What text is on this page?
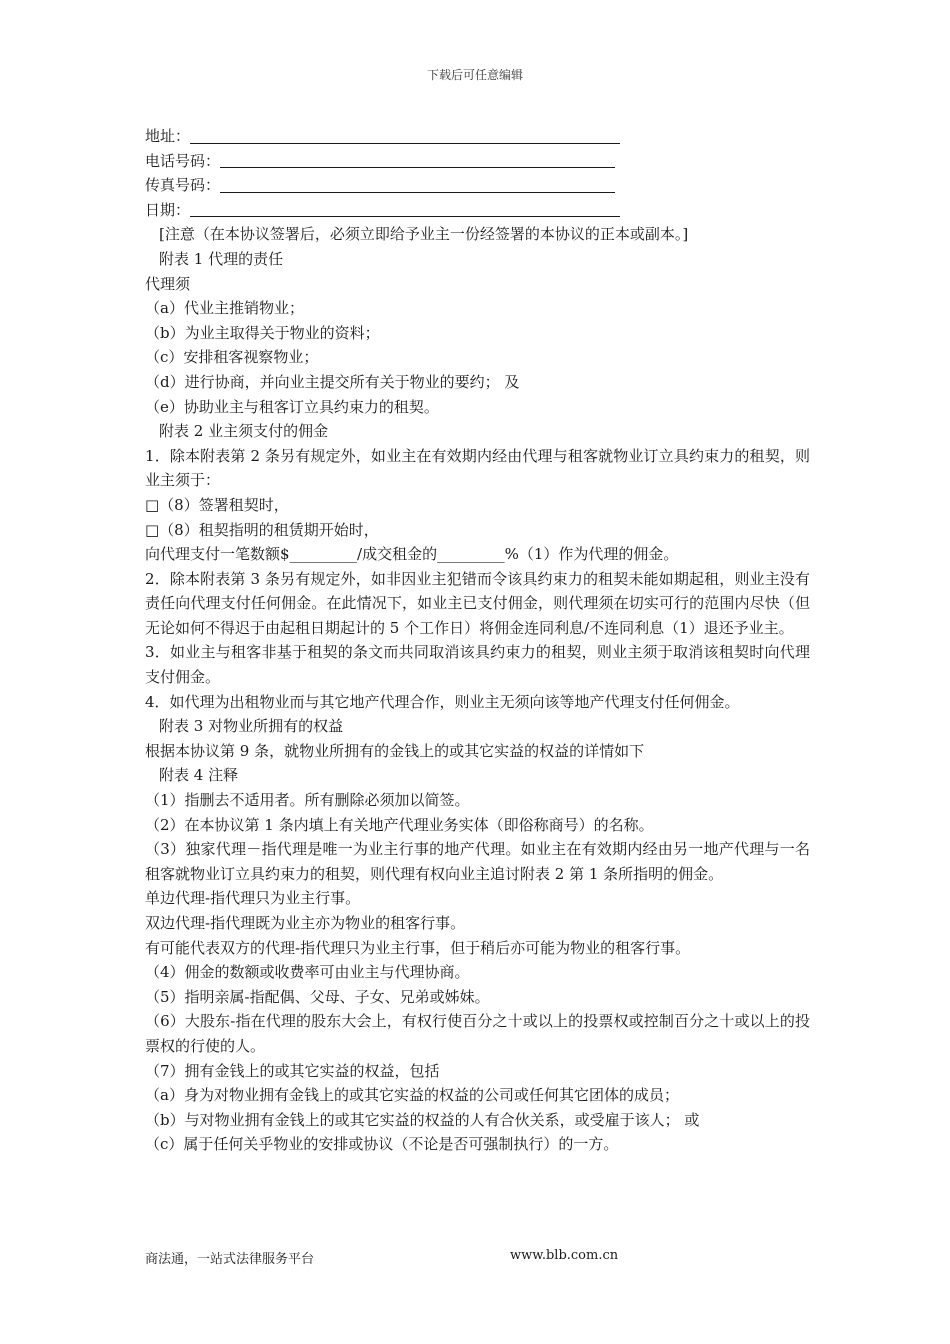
下载后可任意编辑
地址：
电话号码：
传真号码：
日期：

[注意（在本协议签署后，必须立即给予业主一份经签署的本协议的正本或副本。]

附表 1 代理的责任

代理须

（a）代业主推销物业；

（b）为业主取得关于物业的资料；

（c）安排租客视察物业；

（d）进行协商，并向业主提交所有关于物业的要约； 及

（e）协助业主与租客订立具约束力的租契。

附表 2 业主须支付的佣金

1．除本附表第 2 条另有规定外，如业主在有效期内经由代理与租客就物业订立具约束力的租契，则业主须于：

□（8）签署租契时，

□（8）租契指明的租赁期开始时，

向代理支付一笔数额$_________/成交租金的_________%（1）作为代理的佣金。

2．除本附表第 3 条另有规定外，如非因业主犯错而令该具约束力的租契未能如期起租，则业主没有责任向代理支付任何佣金。在此情况下，如业主已支付佣金，则代理须在切实可行的范围内尽快（但无论如何不得迟于由起租日期起计的 5 个工作日）将佣金连同利息/不连同利息（1）退还予业主。

3．如业主与租客非基于租契的条文而共同取消该具约束力的租契，则业主须于取消该租契时向代理支付佣金。

4．如代理为出租物业而与其它地产代理合作，则业主无须向该等地产代理支付任何佣金。

附表 3 对物业所拥有的权益

根据本协议第 9 条，就物业所拥有的金钱上的或其它实益的权益的详情如下

附表 4 注释

（1）指删去不适用者。所有删除必须加以简签。

（2）在本协议第 1 条内填上有关地产代理业务实体（即俗称商号）的名称。

（3）独家代理－指代理是唯一为业主行事的地产代理。如业主在有效期内经由另一地产代理与一名租客就物业订立具约束力的租契，则代理有权向业主追讨附表 2 第 1 条所指明的佣金。

单边代理-指代理只为业主行事。

双边代理-指代理既为业主亦为物业的租客行事。

有可能代表双方的代理-指代理只为业主行事，但于稍后亦可能为物业的租客行事。

（4）佣金的数额或收费率可由业主与代理协商。

（5）指明亲属-指配偶、父母、子女、兄弟或姊妹。

（6）大股东-指在代理的股东大会上，有权行使百分之十或以上的投票权或控制百分之十或以上的投票权的行使的人。

（7）拥有金钱上的或其它实益的权益，包括

（a）身为对物业拥有金钱上的或其它实益的权益的公司或任何其它团体的成员；

（b）与对物业拥有金钱上的或其它实益的权益的人有合伙关系，或受雇于该人； 或

（c）属于任何关乎物业的安排或协议（不论是否可强制执行）的一方。

商法通，一站式法律服务平台	www.blb.com.cn
